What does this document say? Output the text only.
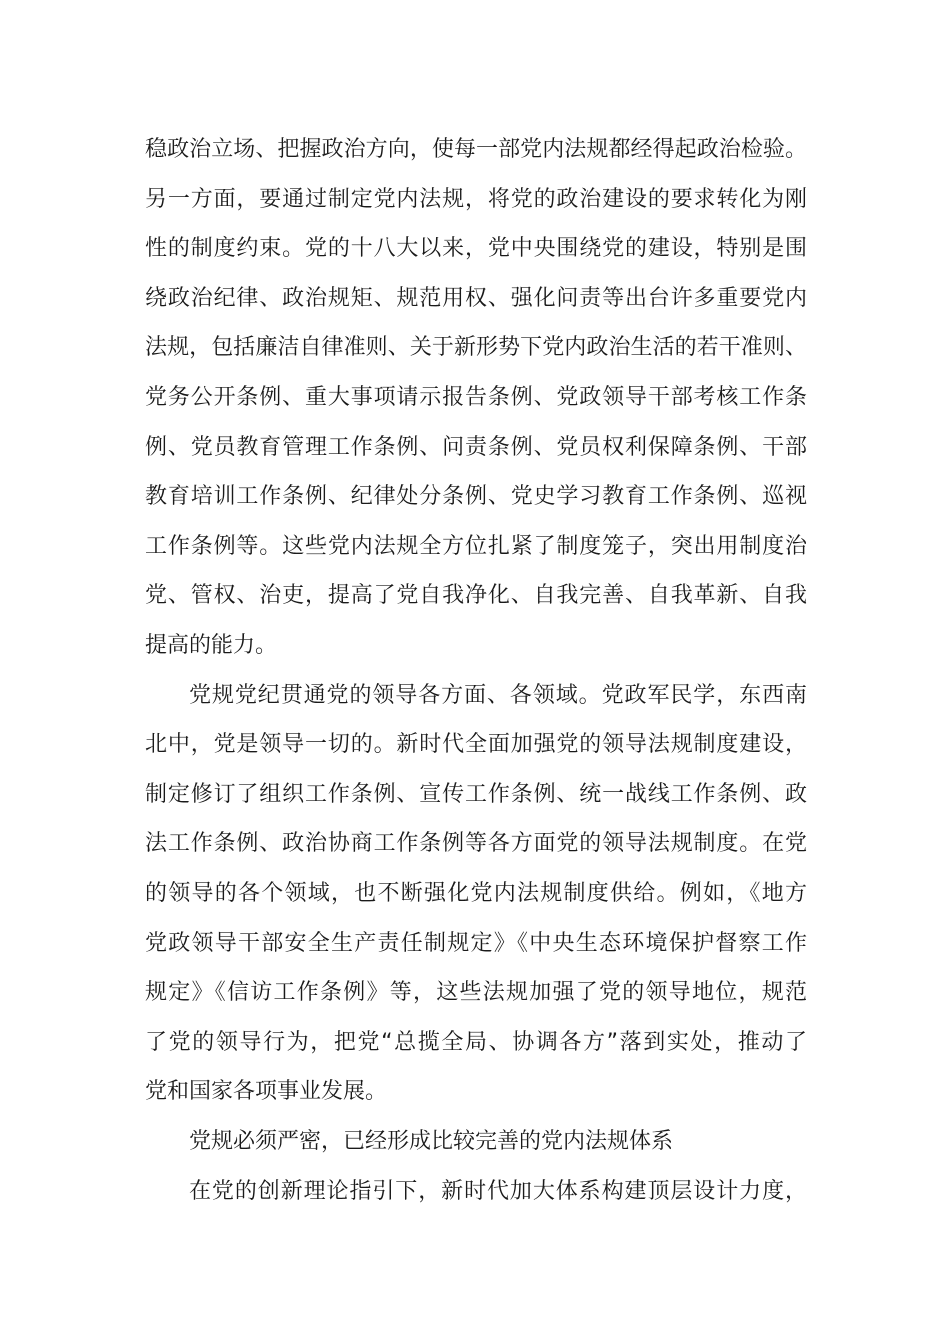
稳政治立场、把握政治方向，使每一部党内法规都经得起政治检验。
另一方面，要通过制定党内法规，将党的政治建设的要求转化为刚
性的制度约束。党的十八大以来，党中央围绕党的建设，特别是围
绕政治纪律、政治规矩、规范用权、强化问责等出台许多重要党内
法规，包括廉洁自律准则、关于新形势下党内政治生活的若干准则、
党务公开条例、重大事项请示报告条例、党政领导干部考核工作条
例、党员教育管理工作条例、问责条例、党员权利保障条例、干部
教育培训工作条例、纪律处分条例、党史学习教育工作条例、巡视
工作条例等。这些党内法规全方位扎紧了制度笼子，突出用制度治
党、管权、治吏，提高了党自我净化、自我完善、自我革新、自我
提高的能力。
党规党纪贯通党的领导各方面、各领域。党政军民学，东西南
北中，党是领导一切的。新时代全面加强党的领导法规制度建设，
制定修订了组织工作条例、宣传工作条例、统一战线工作条例、政
法工作条例、政治协商工作条例等各方面党的领导法规制度。在党
的领导的各个领域，也不断强化党内法规制度供给。例如，《地方
党政领导干部安全生产责任制规定》《中央生态环境保护督察工作
规定》《信访工作条例》等，这些法规加强了党的领导地位，规范
了党的领导行为，把党“总揽全局、协调各方”落到实处，推动了
党和国家各项事业发展。
党规必须严密，已经形成比较完善的党内法规体系
在党的创新理论指引下，新时代加大体系构建顶层设计力度，
